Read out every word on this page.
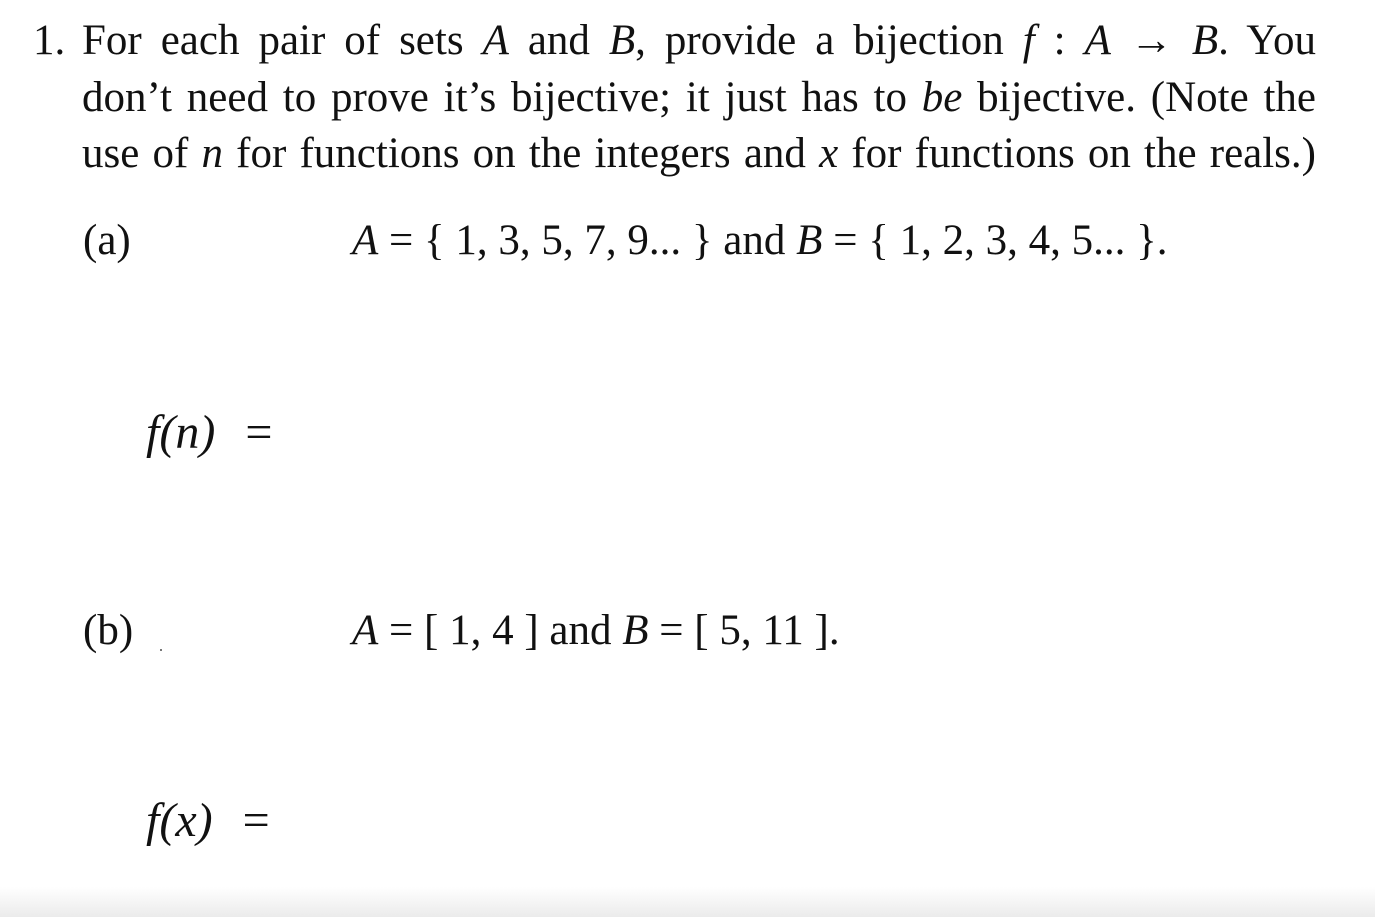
1. For each pair of sets A and B, provide a bijection f : A → B. You
don’t need to prove it’s bijective; it just has to be bijective. (Note the
use of n for functions on the integers and x for functions on the reals.)
(a)	A = { 1, 3, 5, 7, 9... } and B = { 1, 2, 3, 4, 5... }.
f(n) =
(b)	A = [ 1, 4 ] and B = [ 5, 11 ].
f(x) =
